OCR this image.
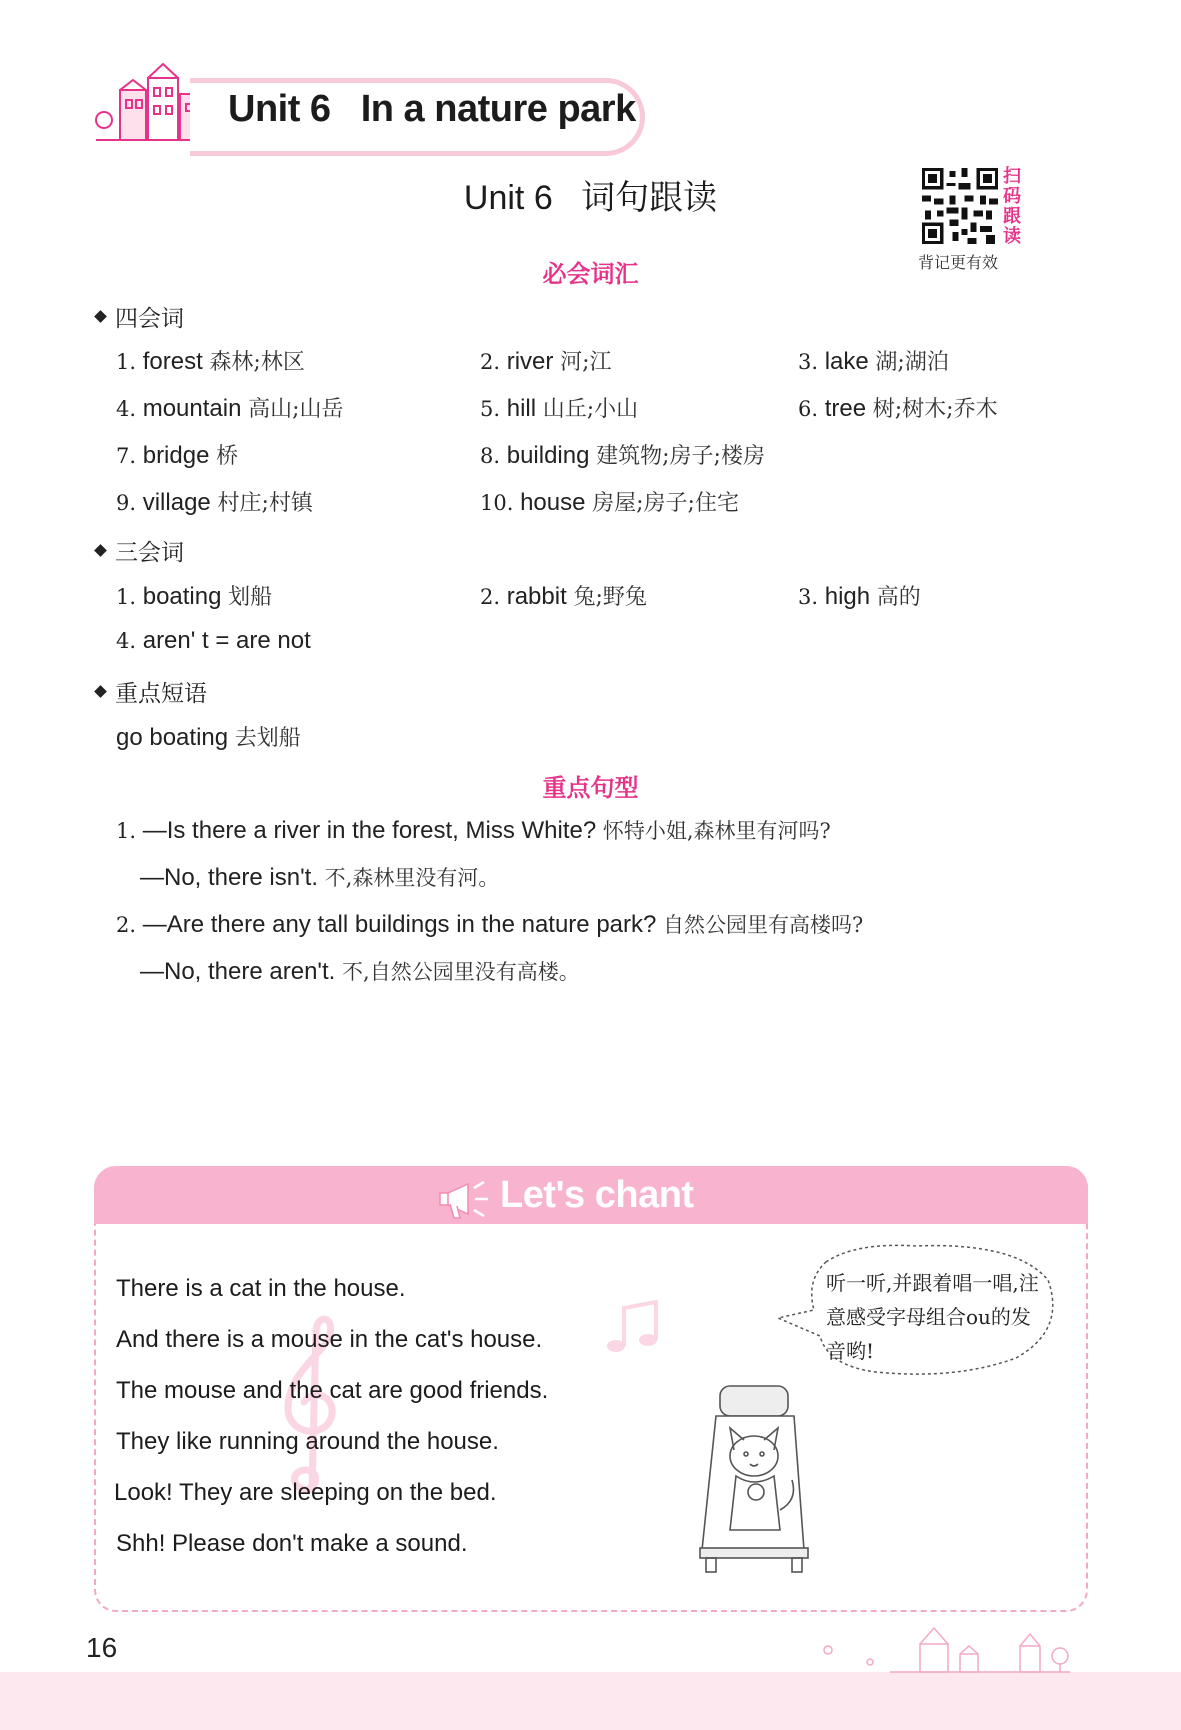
Unit 6   In a nature park
Unit 6   词句跟读
扫
码
跟
读
背记更有效
必会词汇
四会词
1. forest 森林;林区	2. river 河;江	3. lake 湖;湖泊
4. mountain 高山;山岳	5. hill 山丘;小山	6. tree 树;树木;乔木
7. bridge 桥	8. building 建筑物;房子;楼房
9. village 村庄;村镇	10. house 房屋;房子;住宅
三会词
1. boating 划船	2. rabbit 兔;野兔	3. high 高的
4. aren' t = are not
重点短语
go boating 去划船
重点句型
1. —Is there a river in the forest, Miss White? 怀特小姐,森林里有河吗?
—No, there isn't. 不,森林里没有河。
2. —Are there any tall buildings in the nature park? 自然公园里有高楼吗?
—No, there aren't. 不,自然公园里没有高楼。
Let's chant
There is a cat in the house.
And there is a mouse in the cat's house.
The mouse and the cat are good friends.
They like running around the house.
Look! They are sleeping on the bed.
Shh! Please don't make a sound.
听一听,并跟着唱一唱,注意感受字母组合ou的发音哟!
16
